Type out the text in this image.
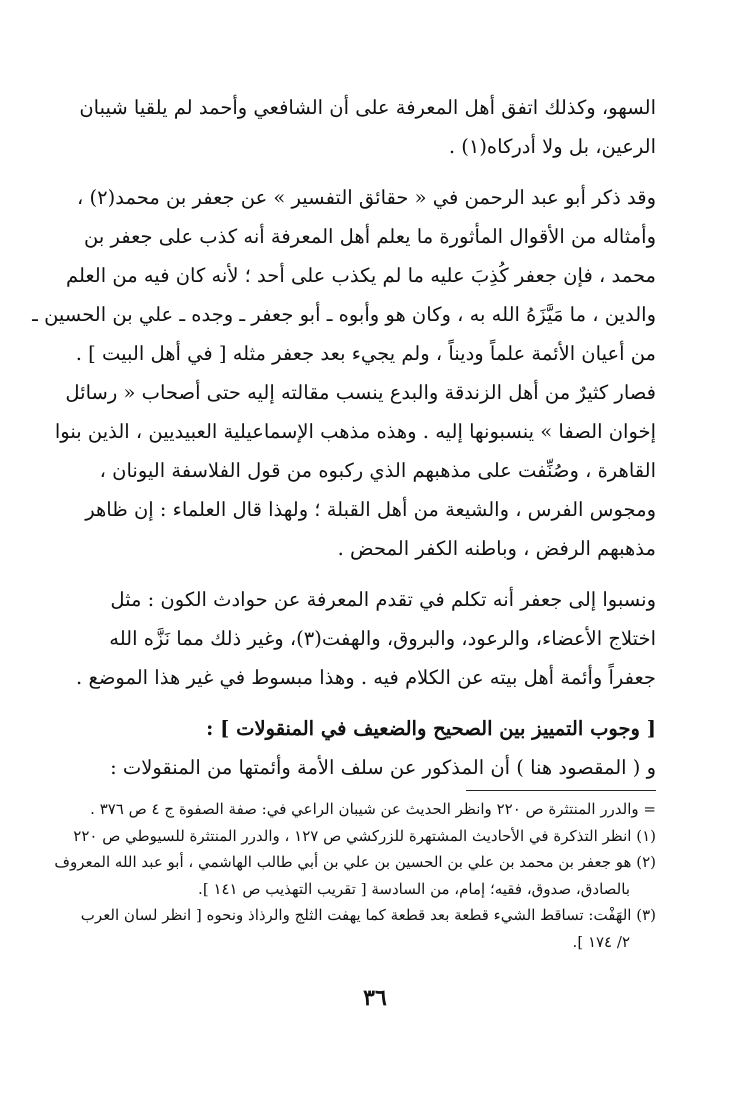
السهو، وكذلك اتفق أهل المعرفة على أن الشافعي وأحمد لم يلقيا شيبان
الرعين، بل ولا أدركاه(١) .
وقد ذكر أبو عبد الرحمن في « حقائق التفسير » عن جعفر بن محمد(٢) ،
وأمثاله من الأقوال المأثورة ما يعلم أهل المعرفة أنه كذب على جعفر بن
محمد ، فإن جعفر كُذِبَ عليه ما لم يكذب على أحد ؛ لأنه كان فيه من العلم
والدين ، ما مَيَّزَهُ الله به ، وكان هو وأبوه ـ أبو جعفر ـ وجده ـ علي بن الحسين ـ
من أعيان الأئمة علماً وديناً ، ولم يجيء بعد جعفر مثله [ في أهل البيت ] .
فصار كثيرٌ من أهل الزندقة والبدع ينسب مقالته إليه حتى أصحاب « رسائل
إخوان الصفا » ينسبونها إليه . وهذه مذهب الإسماعيلية العبيديين ، الذين بنوا
القاهرة ، وصُنِّفت على مذهبهم الذي ركبوه من قول الفلاسفة اليونان ،
ومجوس الفرس ، والشيعة من أهل القبلة ؛ ولهذا قال العلماء : إن ظاهر
مذهبهم الرفض ، وباطنه الكفر المحض .
ونسبوا إلى جعفر أنه تكلم في تقدم المعرفة عن حوادث الكون : مثل
اختلاج الأعضاء، والرعود، والبروق، والهفت(٣)، وغير ذلك مما نَزَّه الله
جعفراً وأئمة أهل بيته عن الكلام فيه . وهذا مبسوط في غير هذا الموضع .
[ وجوب التمييز بين الصحيح والضعيف في المنقولات ] :
و ( المقصود هنا ) أن المذكور عن سلف الأمة وأئمتها من المنقولات :
= والدرر المنتثرة ص ٢٢٠ وانظر الحديث عن شيبان الراعي في: صفة الصفوة ج ٤ ص ٣٧٦ .
(١) انظر التذكرة في الأحاديث المشتهرة للزركشي ص ١٢٧ ، والدرر المنتثرة للسيوطي ص ٢٢٠
(٢) هو جعفر بن محمد بن علي بن الحسين بن علي بن أبي طالب الهاشمي ، أبو عبد الله المعروف
بالصادق، صدوق، فقيه؛ إمام، من السادسة [ تقريب التهذيب ص ١٤١ ].
(٣) الهَفْت: تساقط الشيء قطعة بعد قطعة كما يهفت الثلج والرذاذ ونحوه [ انظر لسان العرب
٢/ ١٧٤ ].
٣٦
